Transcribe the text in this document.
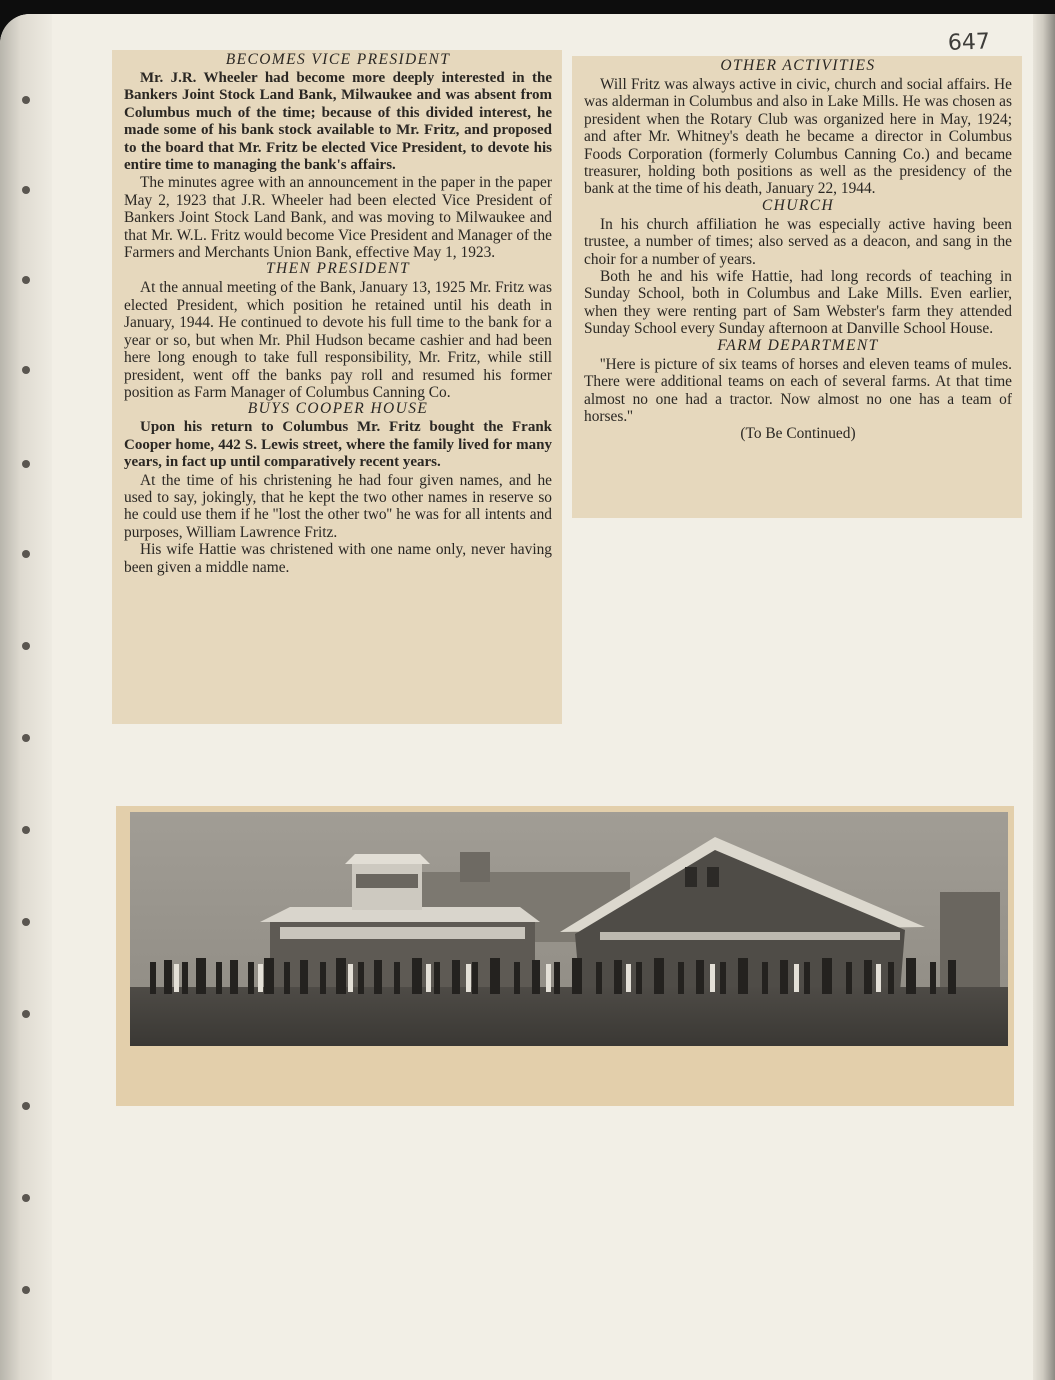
647
BECOMES VICE PRESIDENT

Mr. J.R. Wheeler had become more deeply interested in the Bankers Joint Stock Land Bank, Milwaukee and was absent from Columbus much of the time; because of this divided interest, he made some of his bank stock available to Mr. Fritz, and proposed to the board that Mr. Fritz be elected Vice President, to devote his entire time to managing the bank's affairs.

The minutes agree with an announcement in the paper in the paper May 2, 1923 that J.R. Wheeler had been elected Vice President of Bankers Joint Stock Land Bank, and was moving to Milwaukee and that Mr. W.L. Fritz would become Vice President and Manager of the Farmers and Merchants Union Bank, effective May 1, 1923.

THEN PRESIDENT

At the annual meeting of the Bank, January 13, 1925 Mr. Fritz was elected President, which position he retained until his death in January, 1944. He continued to devote his full time to the bank for a year or so, but when Mr. Phil Hudson became cashier and had been here long enough to take full responsibility, Mr. Fritz, while still president, went off the banks pay roll and resumed his former position as Farm Manager of Columbus Canning Co.

BUYS COOPER HOUSE

Upon his return to Columbus Mr. Fritz bought the Frank Cooper home, 442 S. Lewis street, where the family lived for many years, in fact up until comparatively recent years.

At the time of his christening he had four given names, and he used to say, jokingly, that he kept the two other names in reserve so he could use them if he ''lost the other two'' he was for all intents and purposes, William Lawrence Fritz.

His wife Hattie was christened with one name only, never having been given a middle name.

OTHER ACTIVITIES

Will Fritz was always active in civic, church and social affairs. He was alderman in Columbus and also in Lake Mills. He was chosen as president when the Rotary Club was organized here in May, 1924; and after Mr. Whitney's death he became a director in Columbus Foods Corporation (formerly Columbus Canning Co.) and became treasurer, holding both positions as well as the presidency of the bank at the time of his death, January 22, 1944.

CHURCH

In his church affiliation he was especially active having been trustee, a number of times; also served as a deacon, and sang in the choir for a number of years.

Both he and his wife Hattie, had long records of teaching in Sunday School, both in Columbus and Lake Mills. Even earlier, when they were renting part of Sam Webster's farm they attended Sunday School every Sunday afternoon at Danville School House.

FARM DEPARTMENT

''Here is picture of six teams of horses and eleven teams of mules. There were additional teams on each of several farms. At that time almost no one had a tractor. Now almost no one has a team of horses.''

(To Be Continued)
